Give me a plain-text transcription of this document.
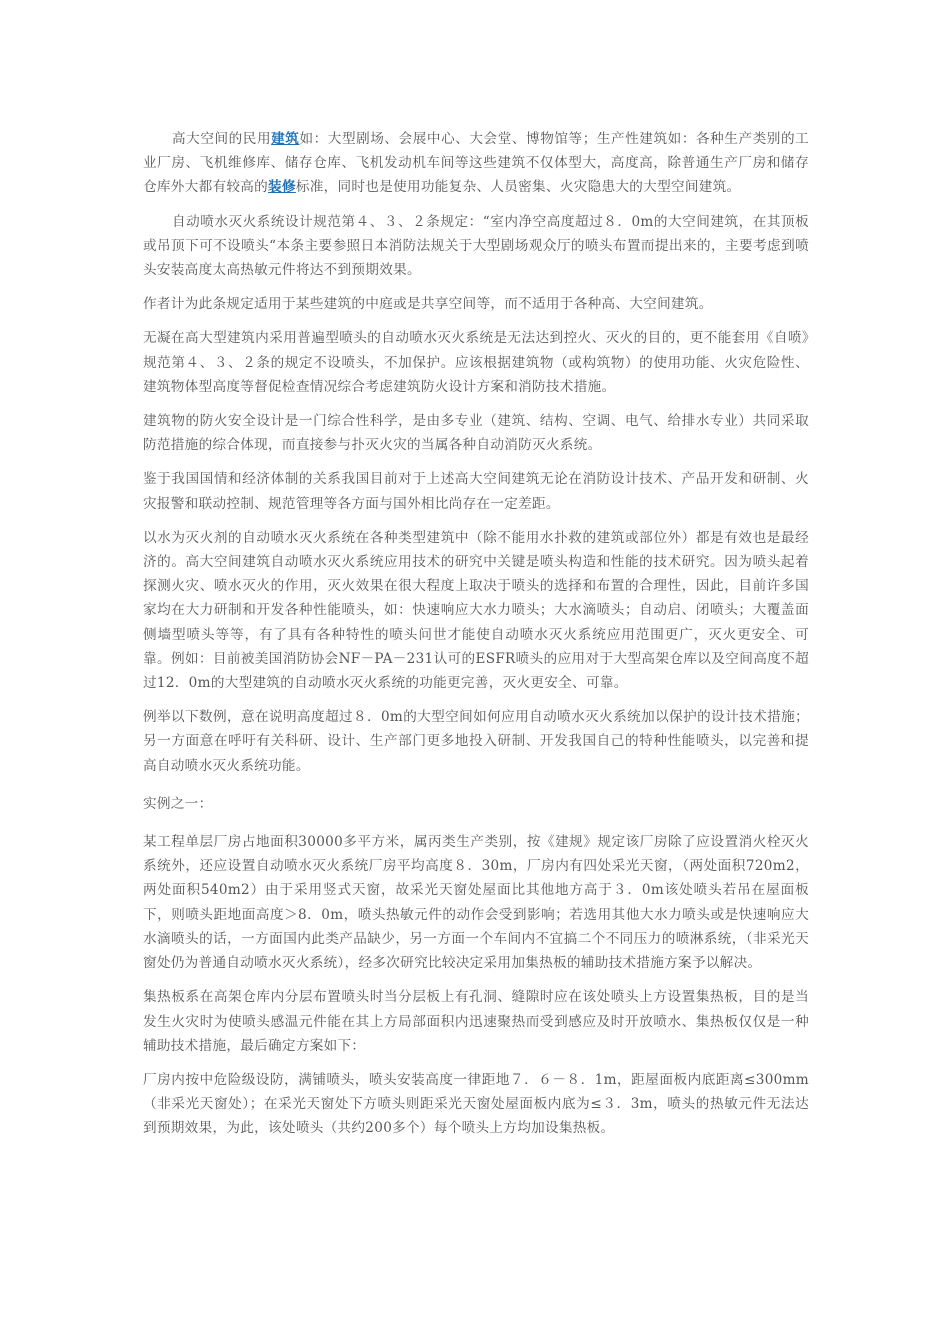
高大空间的民用建筑如：大型剧场、会展中心、大会堂、博物馆等；生产性建筑如：各种生产类别的工业厂房、飞机维修库、储存仓库、飞机发动机车间等这些建筑不仅体型大，高度高，除普通生产厂房和储存仓库外大都有较高的装修标准，同时也是使用功能复杂、人员密集、火灾隐患大的大型空间建筑。

自动喷水灭火系统设计规范第４、３、２条规定：“室内净空高度超过８．0m的大空间建筑，在其顶板或吊顶下可不设喷头“本条主要参照日本消防法规关于大型剧场观众厅的喷头布置而提出来的，主要考虑到喷头安装高度太高热敏元件将达不到预期效果。

作者计为此条规定适用于某些建筑的中庭或是共享空间等，而不适用于各种高、大空间建筑。

无凝在高大型建筑内采用普遍型喷头的自动喷水灭火系统是无法达到控火、灭火的目的，更不能套用《自喷》规范第４、３、２条的规定不设喷头，不加保护。应该根据建筑物（或构筑物）的使用功能、火灾危险性、建筑物体型高度等督促检查情况综合考虑建筑防火设计方案和消防技术措施。

建筑物的防火安全设计是一门综合性科学，是由多专业（建筑、结构、空调、电气、给排水专业）共同采取防范措施的综合体现，而直接参与扑灭火灾的当属各种自动消防灭火系统。

鉴于我国国情和经济体制的关系我国目前对于上述高大空间建筑无论在消防设计技术、产品开发和研制、火灾报警和联动控制、规范管理等各方面与国外相比尚存在一定差距。

以水为灭火剂的自动喷水灭火系统在各种类型建筑中（除不能用水扑救的建筑或部位外）都是有效也是最经济的。高大空间建筑自动喷水灭火系统应用技术的研究中关键是喷头构造和性能的技术研究。因为喷头起着探测火灾、喷水灭火的作用，灭火效果在很大程度上取决于喷头的选择和布置的合理性，因此，目前许多国家均在大力研制和开发各种性能喷头，如：快速响应大水力喷头；大水滴喷头；自动启、闭喷头；大覆盖面侧墙型喷头等等，有了具有各种特性的喷头问世才能使自动喷水灭火系统应用范围更广，灭火更安全、可靠。例如：目前被美国消防协会NF－PA－231认可的ESFR喷头的应用对于大型高架仓库以及空间高度不超过12．0m的大型建筑的自动喷水灭火系统的功能更完善，灭火更安全、可靠。

例举以下数例，意在说明高度超过８．0m的大型空间如何应用自动喷水灭火系统加以保护的设计技术措施；另一方面意在呼吁有关科研、设计、生产部门更多地投入研制、开发我国自己的特种性能喷头，以完善和提高自动喷水灭火系统功能。

实例之一：

某工程单层厂房占地面积30000多平方米，属丙类生产类别，按《建规》规定该厂房除了应设置消火栓灭火系统外，还应设置自动喷水灭火系统厂房平均高度８．30m，厂房内有四处采光天窗，（两处面积720m2，两处面积540m2）由于采用竖式天窗，故采光天窗处屋面比其他地方高于３．0m该处喷头若吊在屋面板下，则喷头距地面高度＞8．0m，喷头热敏元件的动作会受到影响；若选用其他大水力喷头或是快速响应大水滴喷头的话，一方面国内此类产品缺少，另一方面一个车间内不宜搞二个不同压力的喷淋系统，（非采光天窗处仍为普通自动喷水灭火系统），经多次研究比较决定采用加集热板的辅助技术措施方案予以解决。

集热板系在高架仓库内分层布置喷头时当分层板上有孔洞、缝隙时应在该处喷头上方设置集热板，目的是当发生火灾时为使喷头感温元件能在其上方局部面积内迅速聚热而受到感应及时开放喷水、集热板仅仅是一种辅助技术措施，最后确定方案如下：

厂房内按中危险级设防，满铺喷头，喷头安装高度一律距地７．６－８．1m，距屋面板内底距离≤300mm（非采光天窗处）；在采光天窗处下方喷头则距采光天窗处屋面板内底为≤３．3m，喷头的热敏元件无法达到预期效果，为此，该处喷头（共约200多个）每个喷头上方均加设集热板。
